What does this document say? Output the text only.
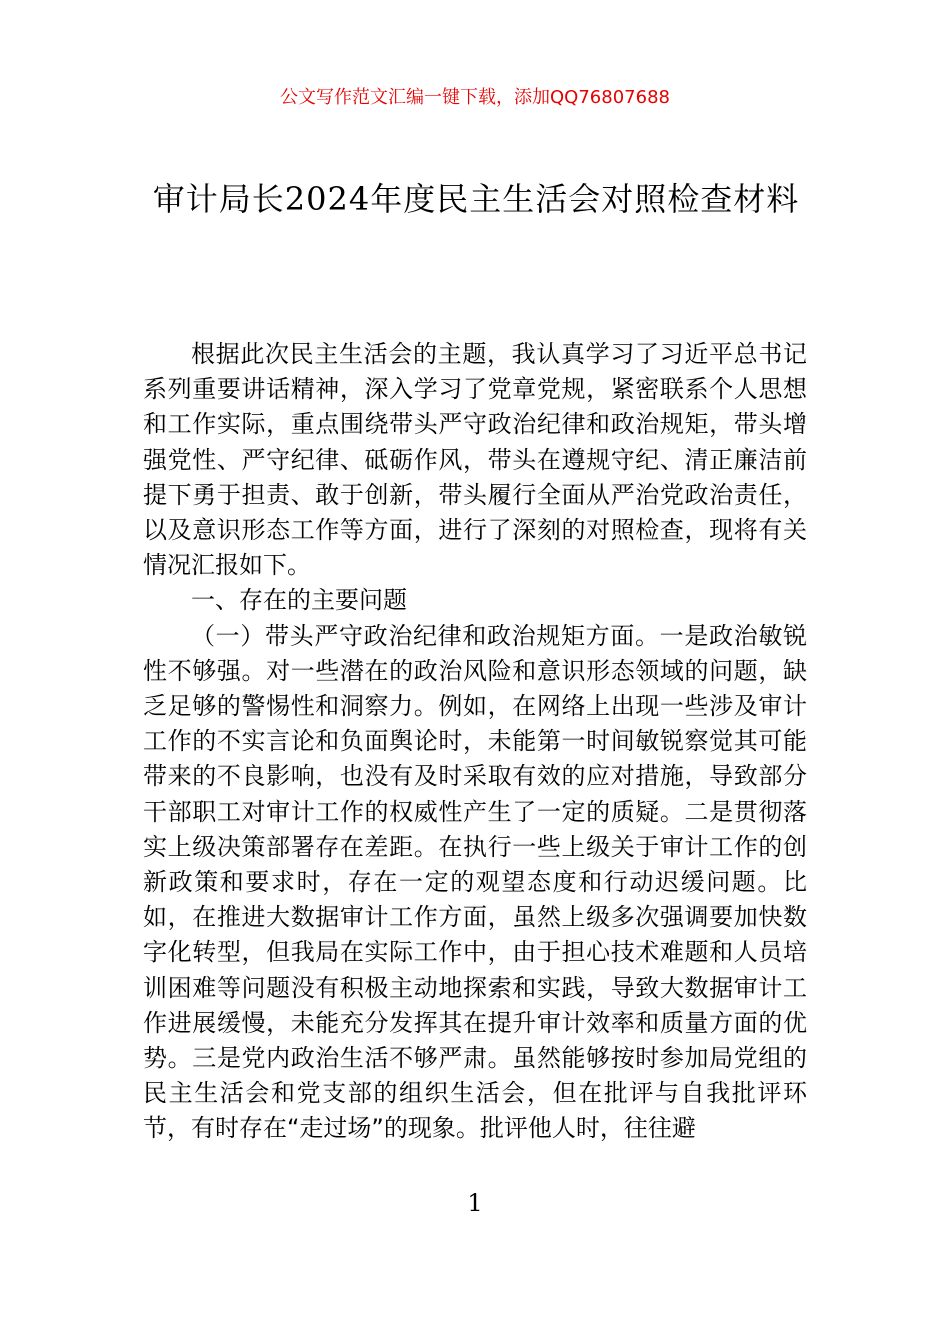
公文写作范文汇编一键下载，添加QQ76807688
审计局长2024年度民主生活会对照检查材料

根据此次民主生活会的主题，我认真学习了习近平总书记系列重要讲话精神，深入学习了党章党规，紧密联系个人思想和工作实际，重点围绕带头严守政治纪律和政治规矩，带头增强党性、严守纪律、砥砺作风，带头在遵规守纪、清正廉洁前提下勇于担责、敢于创新，带头履行全面从严治党政治责任，以及意识形态工作等方面，进行了深刻的对照检查，现将有关情况汇报如下。

一、存在的主要问题

（一）带头严守政治纪律和政治规矩方面。一是政治敏锐性不够强。对一些潜在的政治风险和意识形态领域的问题，缺乏足够的警惕性和洞察力。例如，在网络上出现一些涉及审计工作的不实言论和负面舆论时，未能第一时间敏锐察觉其可能带来的不良影响，也没有及时采取有效的应对措施，导致部分干部职工对审计工作的权威性产生了一定的质疑。二是贯彻落实上级决策部署存在差距。在执行一些上级关于审计工作的创新政策和要求时，存在一定的观望态度和行动迟缓问题。比如，在推进大数据审计工作方面，虽然上级多次强调要加快数字化转型，但我局在实际工作中，由于担心技术难题和人员培训困难等问题没有积极主动地探索和实践，导致大数据审计工作进展缓慢，未能充分发挥其在提升审计效率和质量方面的优势。三是党内政治生活不够严肃。虽然能够按时参加局党组的民主生活会和党支部的组织生活会，但在批评与自我批评环节，有时存在“走过场”的现象。批评他人时，往往避

1
